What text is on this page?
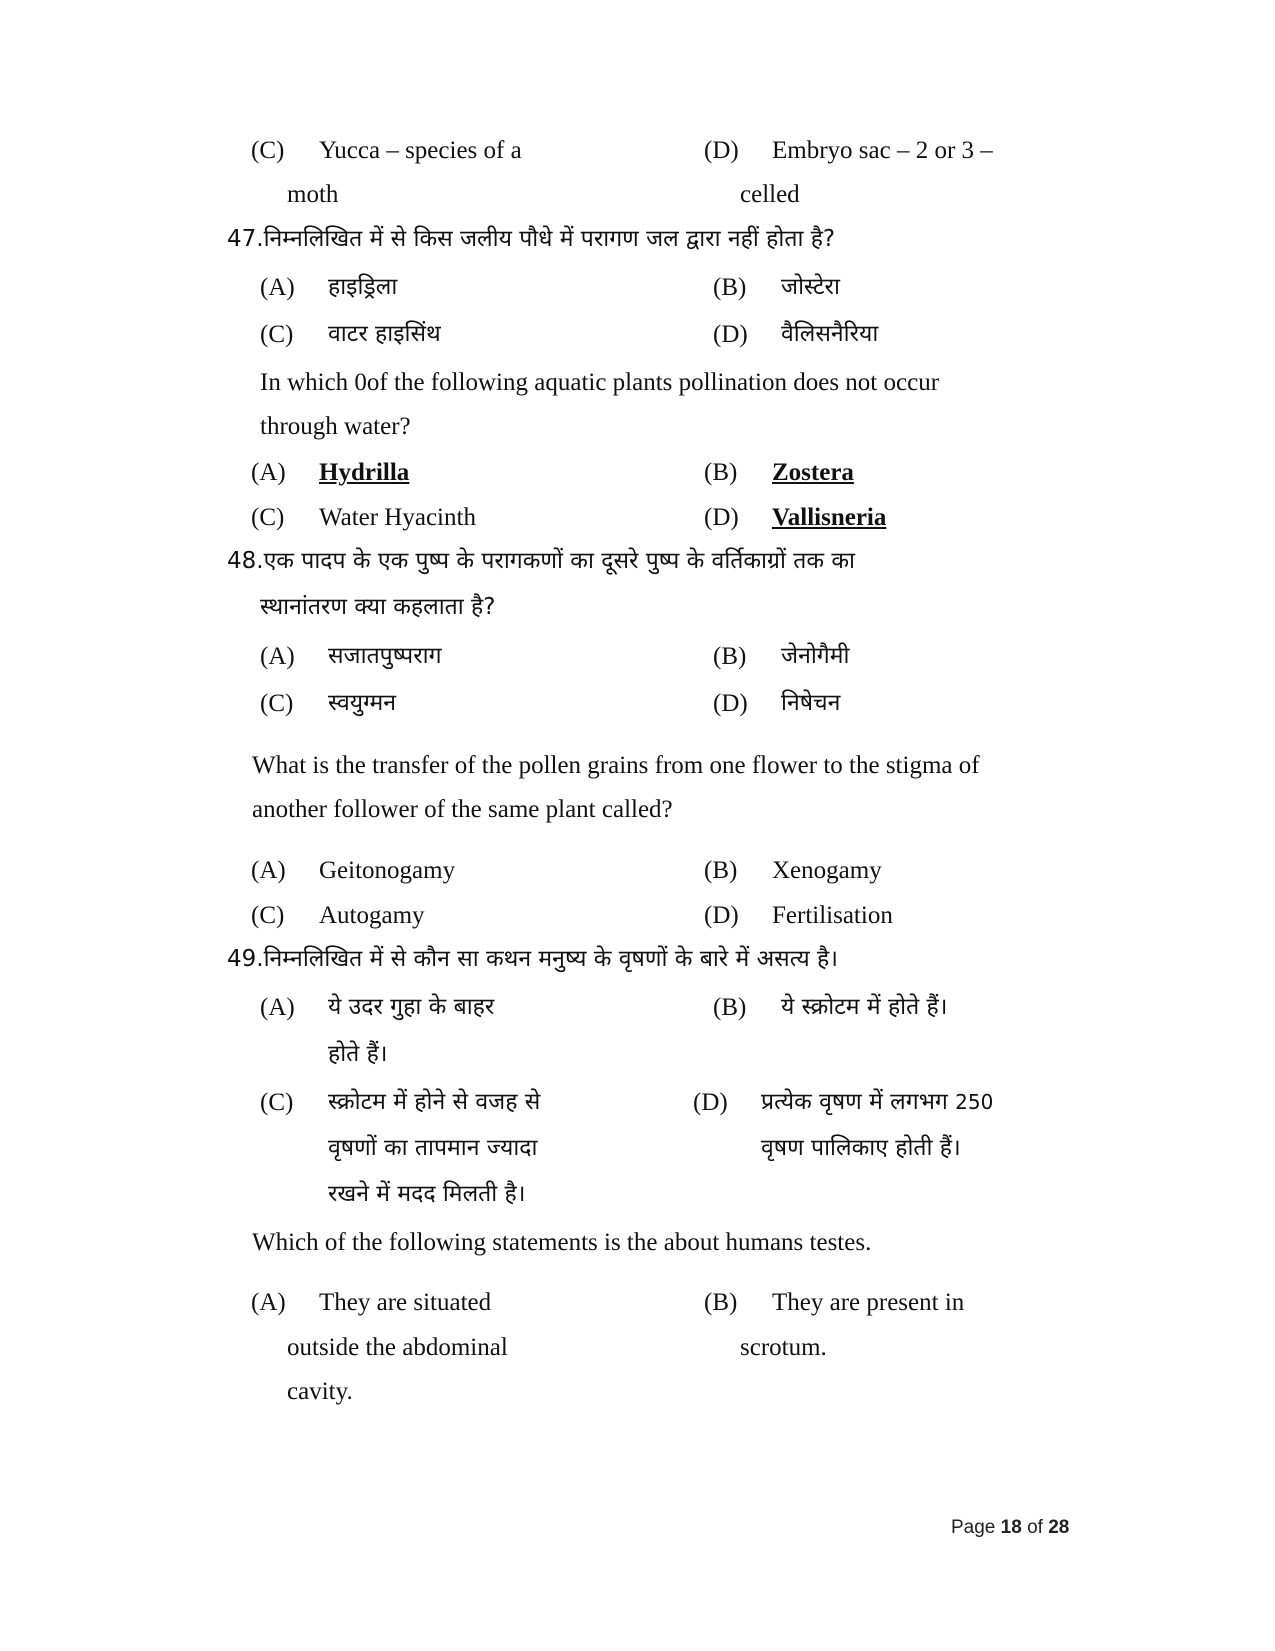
(C) Yucca – species of a
moth
(D) Embryo sac – 2 or 3 –
celled
47.निम्नलिखित में से किस जलीय पौधे में परागण जल द्वारा नहीं होता है?
(A) हाइड्रिला	(B) जोस्टेरा
(C) वाटर हाइसिंथ	(D) वैलिसनैरिया
In which 0of the following aquatic plants pollination does not occur
through water?
(A) Hydrilla	(B) Zostera
(C) Water Hyacinth	(D) Vallisneria
48.एक पादप के एक पुष्प के परागकणों का दूसरे पुष्प के वर्तिकाग्रों तक का
स्थानांतरण क्या कहलाता है?
(A) सजातपुष्पराग	(B) जेनोगैमी
(C) स्वयुग्मन	(D) निषेचन
What is the transfer of the pollen grains from one flower to the stigma of
another follower of the same plant called?
(A) Geitonogamy	(B) Xenogamy
(C) Autogamy	(D) Fertilisation
49.निम्नलिखित में से कौन सा कथन मनुष्य के वृषणों के बारे में असत्य है।
(A) ये उदर गुहा के बाहर
होते हैं।
(B) ये स्क्रोटम में होते हैं।
(C) स्क्रोटम में होने से वजह से
वृषणों का तापमान ज्यादा
रखने में मदद मिलती है।
(D) प्रत्येक वृषण में लगभग 250
वृषण पालिकाए होती हैं।
Which of the following statements is the about humans testes.
(A) They are situated
outside the abdominal
cavity.
(B) They are present in
scrotum.
Page 18 of 28
